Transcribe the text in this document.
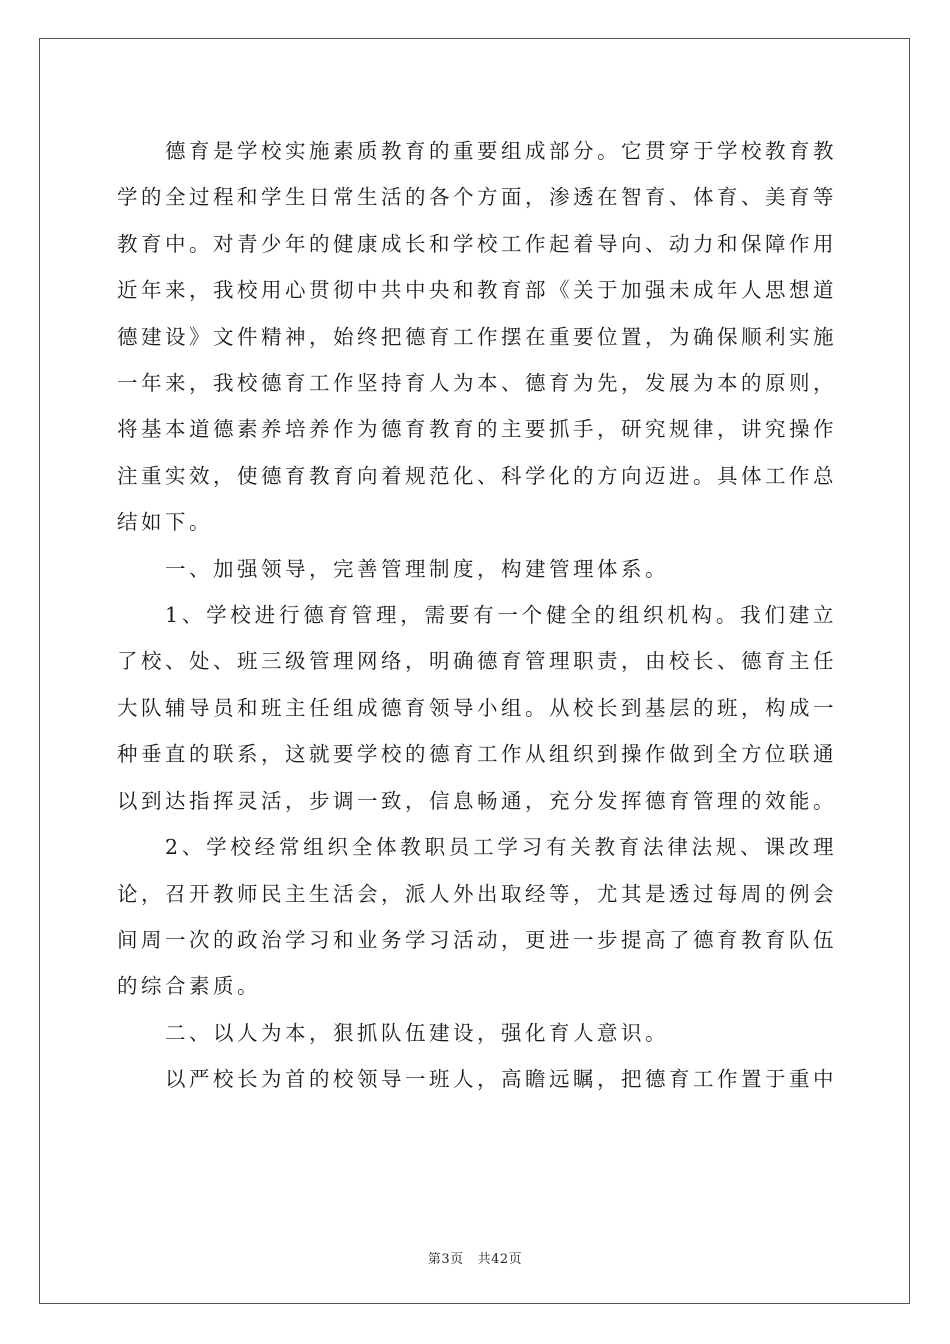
德育是学校实施素质教育的重要组成部分。它贯穿于学校教育教学的全过程和学生日常生活的各个方面，渗透在智育、体育、美育等教育中。对青少年的健康成长和学校工作起着导向、动力和保障作用近年来，我校用心贯彻中共中央和教育部《关于加强未成年人思想道德建设》文件精神，始终把德育工作摆在重要位置，为确保顺利实施一年来，我校德育工作坚持育人为本、德育为先，发展为本的原则，将基本道德素养培养作为德育教育的主要抓手，研究规律，讲究操作注重实效，使德育教育向着规范化、科学化的方向迈进。具体工作总结如下。

一、加强领导，完善管理制度，构建管理体系。

1、学校进行德育管理，需要有一个健全的组织机构。我们建立了校、处、班三级管理网络，明确德育管理职责，由校长、德育主任大队辅导员和班主任组成德育领导小组。从校长到基层的班，构成一种垂直的联系，这就要学校的德育工作从组织到操作做到全方位联通以到达指挥灵活，步调一致，信息畅通，充分发挥德育管理的效能。

2、学校经常组织全体教职员工学习有关教育法律法规、课改理论，召开教师民主生活会，派人外出取经等，尤其是透过每周的例会间周一次的政治学习和业务学习活动，更进一步提高了德育教育队伍的综合素质。

二、以人为本，狠抓队伍建设，强化育人意识。

以严校长为首的校领导一班人，高瞻远瞩，把德育工作置于重中

第3页 共42页
